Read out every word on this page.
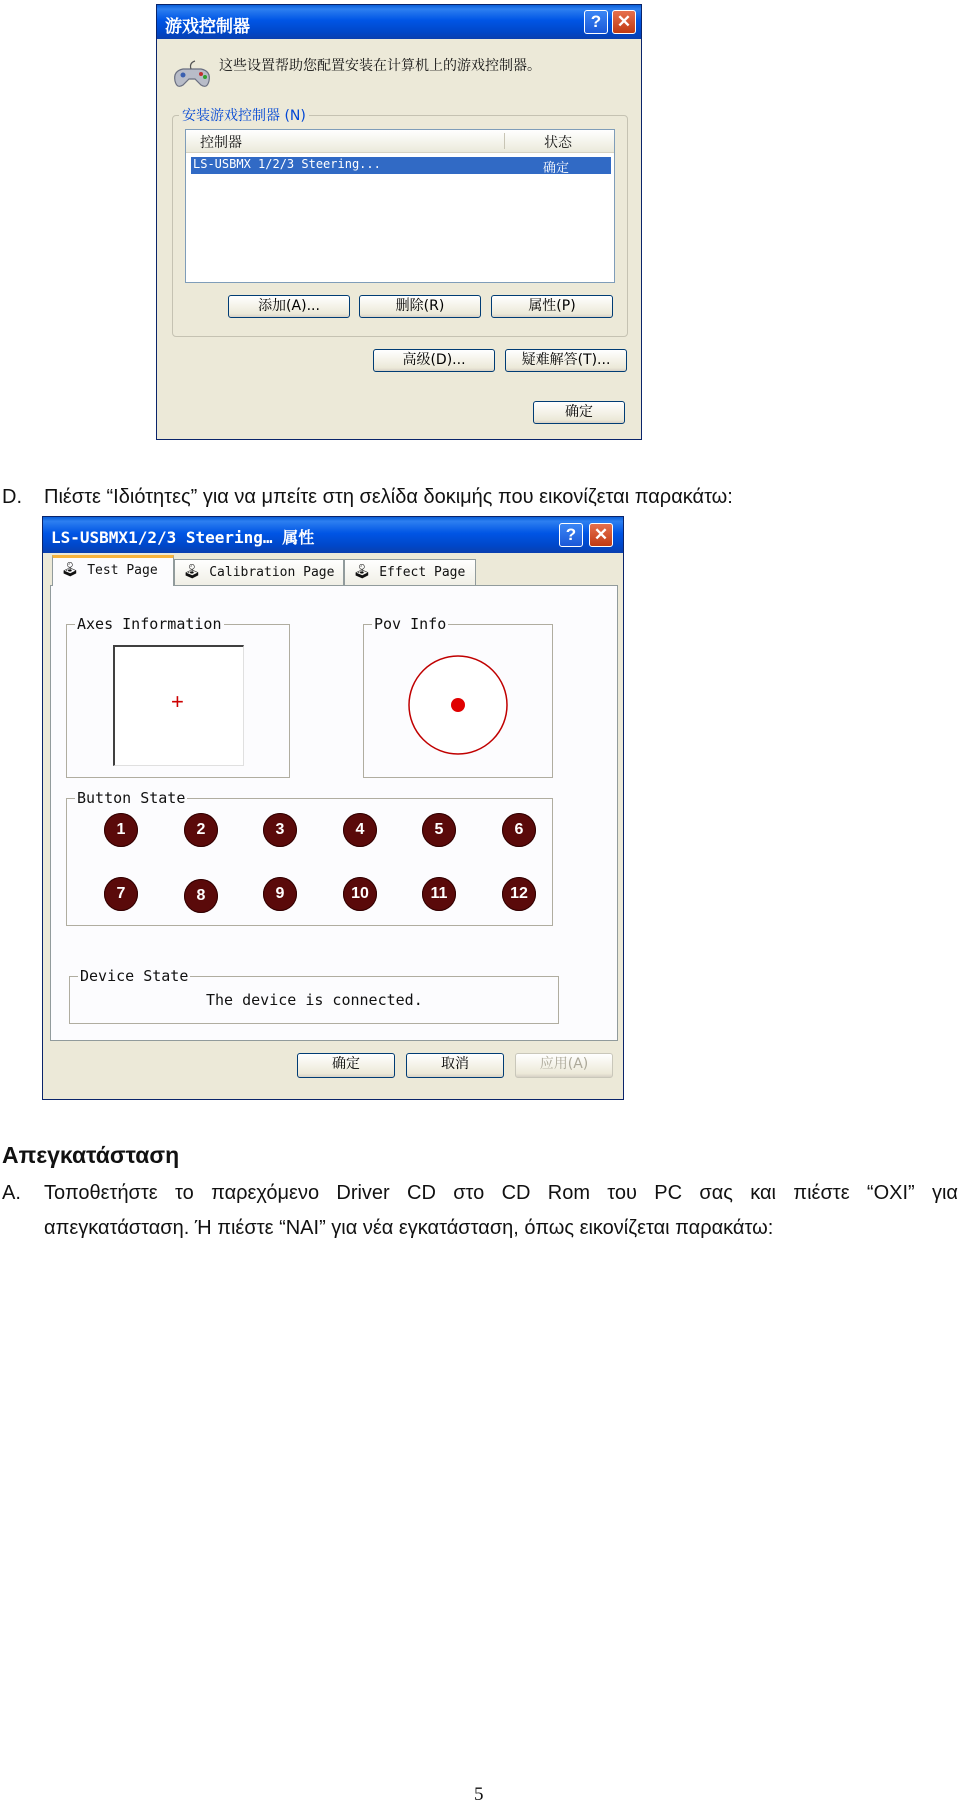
游戏控制器	? ✕
这些设置帮助您配置安装在计算机上的游戏控制器。
安装游戏控制器 (N)
控制器	状态
LS-USBMX 1/2/3 Steering...	确定
添加(A)...	删除(R)	属性(P)
高级(D)...	疑难解答(T)...
确定
D. Πιέστε “Ιδιότητες” για να μπείτε στη σελίδα δοκιμής που εικονίζεται παρακάτω:
LS-USBMX1/2/3 Steering… 属性	?	✕
🕹 Test Page	🕹 Calibration Page	🕹 Effect Page
Axes Information
+
Pov Info
Button State
1	2	3	4	5	6
7	8	9	10	11	12
Device State
The device is connected.
确定	取消	应用(A)
Απεγκατάσταση
A. Τοποθετήστε το παρεχόμενο Driver CD στο CD Rom του PC σας και πιέστε “OXI” για
απεγκατάσταση. Ή πιέστε “NAI” για νέα εγκατάσταση, όπως εικονίζεται παρακάτω:
5
